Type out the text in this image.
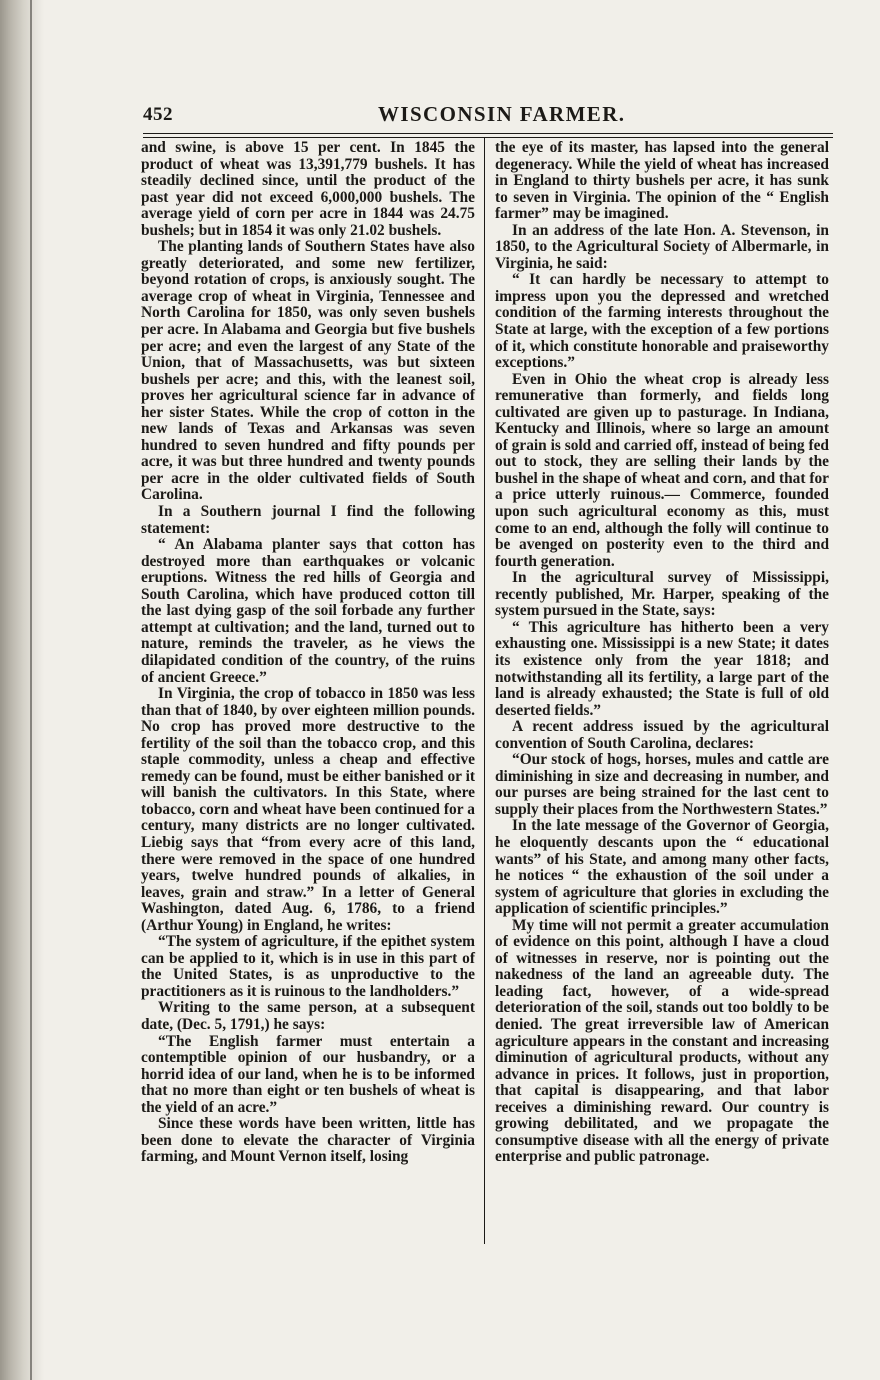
452	WISCONSIN FARMER.

and swine, is above 15 per cent. In 1845 the product of wheat was 13,391,779 bushels. It has steadily declined since, until the product of the past year did not exceed 6,000,000 bushels. The average yield of corn per acre in 1844 was 24.75 bushels; but in 1854 it was only 21.02 bushels.

The planting lands of Southern States have also greatly deteriorated, and some new fertilizer, beyond rotation of crops, is anxiously sought. The average crop of wheat in Virginia, Tennessee and North Carolina for 1850, was only seven bushels per acre. In Alabama and Georgia but five bushels per acre; and even the largest of any State of the Union, that of Massachusetts, was but sixteen bushels per acre; and this, with the leanest soil, proves her agricultural science far in advance of her sister States. While the crop of cotton in the new lands of Texas and Arkansas was seven hundred to seven hundred and fifty pounds per acre, it was but three hundred and twenty pounds per acre in the older cultivated fields of South Carolina.

In a Southern journal I find the following statement:

“ An Alabama planter says that cotton has destroyed more than earthquakes or volcanic eruptions. Witness the red hills of Georgia and South Carolina, which have produced cotton till the last dying gasp of the soil forbade any further attempt at cultivation; and the land, turned out to nature, reminds the traveler, as he views the dilapidated condition of the country, of the ruins of ancient Greece.”

In Virginia, the crop of tobacco in 1850 was less than that of 1840, by over eighteen million pounds. No crop has proved more destructive to the fertility of the soil than the tobacco crop, and this staple commodity, unless a cheap and effective remedy can be found, must be either banished or it will banish the cultivators. In this State, where tobacco, corn and wheat have been continued for a century, many districts are no longer cultivated. Liebig says that “from every acre of this land, there were removed in the space of one hundred years, twelve hundred pounds of alkalies, in leaves, grain and straw.” In a letter of General Washington, dated Aug. 6, 1786, to a friend (Arthur Young) in England, he writes:

“The system of agriculture, if the epithet system can be applied to it, which is in use in this part of the United States, is as unproductive to the practitioners as it is ruinous to the landholders.”

Writing to the same person, at a subsequent date, (Dec. 5, 1791,) he says:

“The English farmer must entertain a contemptible opinion of our husbandry, or a horrid idea of our land, when he is to be informed that no more than eight or ten bushels of wheat is the yield of an acre.”

Since these words have been written, little has been done to elevate the character of Virginia farming, and Mount Vernon itself, losing

the eye of its master, has lapsed into the general degeneracy. While the yield of wheat has increased in England to thirty bushels per acre, it has sunk to seven in Virginia. The opinion of the “ English farmer” may be imagined.

In an address of the late Hon. A. Stevenson, in 1850, to the Agricultural Society of Albermarle, in Virginia, he said:

“ It can hardly be necessary to attempt to impress upon you the depressed and wretched condition of the farming interests throughout the State at large, with the exception of a few portions of it, which constitute honorable and praiseworthy exceptions.”

Even in Ohio the wheat crop is already less remunerative than formerly, and fields long cultivated are given up to pasturage. In Indiana, Kentucky and Illinois, where so large an amount of grain is sold and carried off, instead of being fed out to stock, they are selling their lands by the bushel in the shape of wheat and corn, and that for a price utterly ruinous.— Commerce, founded upon such agricultural economy as this, must come to an end, although the folly will continue to be avenged on posterity even to the third and fourth generation.

In the agricultural survey of Mississippi, recently published, Mr. Harper, speaking of the system pursued in the State, says:

“ This agriculture has hitherto been a very exhausting one. Mississippi is a new State; it dates its existence only from the year 1818; and notwithstanding all its fertility, a large part of the land is already exhausted; the State is full of old deserted fields.”

A recent address issued by the agricultural convention of South Carolina, declares:

“Our stock of hogs, horses, mules and cattle are diminishing in size and decreasing in number, and our purses are being strained for the last cent to supply their places from the Northwestern States.”

In the late message of the Governor of Georgia, he eloquently descants upon the “ educational wants” of his State, and among many other facts, he notices “ the exhaustion of the soil under a system of agriculture that glories in excluding the application of scientific principles.”

My time will not permit a greater accumulation of evidence on this point, although I have a cloud of witnesses in reserve, nor is pointing out the nakedness of the land an agreeable duty. The leading fact, however, of a wide-spread deterioration of the soil, stands out too boldly to be denied. The great irreversible law of American agriculture appears in the constant and increasing diminution of agricultural products, without any advance in prices. It follows, just in proportion, that capital is disappearing, and that labor receives a diminishing reward. Our country is growing debilitated, and we propagate the consumptive disease with all the energy of private enterprise and public patronage.
